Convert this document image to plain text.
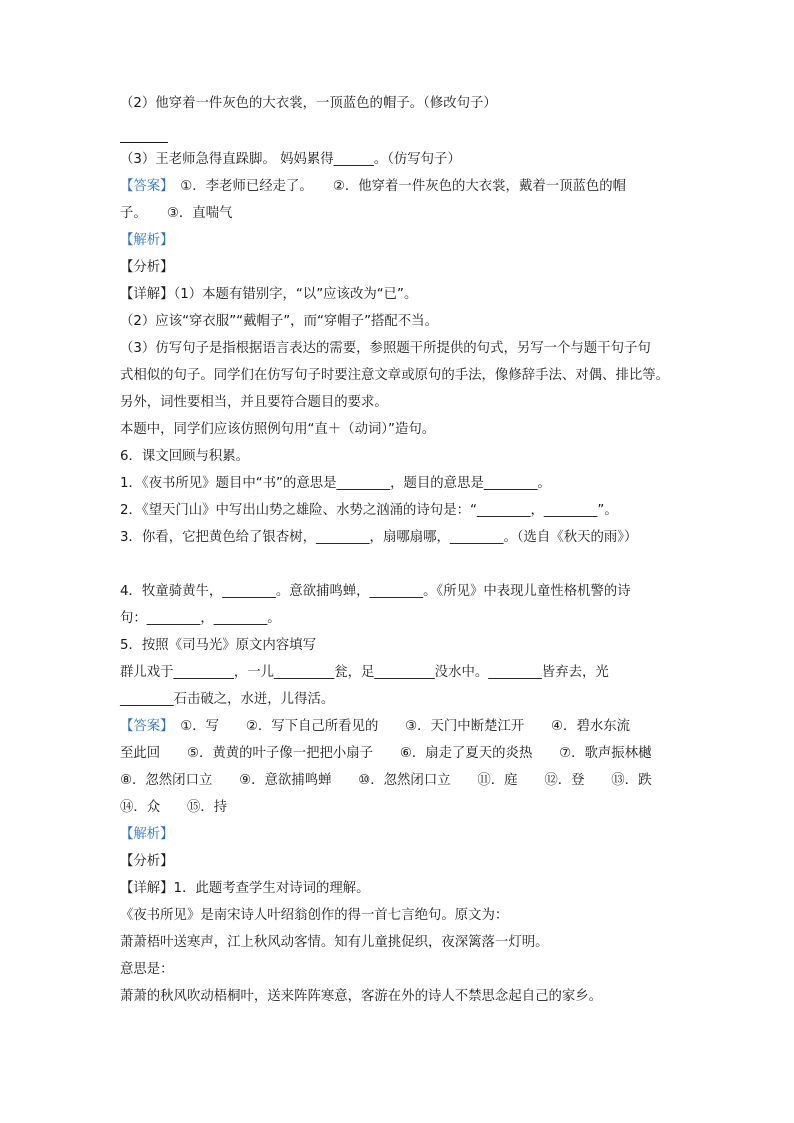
（2）他穿着一件灰色的大衣裳，一顶蓝色的帽子。（修改句子）
（3）王老师急得直跺脚。 妈妈累得______。（仿写句子）
【答案】　①．李老师已经走了。　　②．他穿着一件灰色的大衣裳，戴着一顶蓝色的帽
子。　　③．直喘气
【解析】
【分析】
【详解】（1）本题有错别字，“以”应该改为“已”。
（2）应该“穿衣服”“戴帽子”，而“穿帽子”搭配不当。
（3）仿写句子是指根据语言表达的需要，参照题干所提供的句式，另写一个与题干句子句
式相似的句子。同学们在仿写句子时要注意文章或原句的手法，像修辞手法、对偶、排比等。
另外，词性要相当，并且要符合题目的要求。
本题中，同学们应该仿照例句用“直＋（动词）”造句。
6．课文回顾与积累。
1．《夜书所见》题目中“书”的意思是________，题目的意思是________。
2．《望天门山》中写出山势之雄险、水势之汹涌的诗句是：“________，________”。
3．你看，它把黄色给了银杏树，________，扇哪扇哪，________。（选自《秋天的雨》）
4．牧童骑黄牛，________。意欲捕鸣蝉，________。《所见》中表现儿童性格机警的诗
句：________，________。
5．按照《司马光》原文内容填写
群儿戏于_________，一儿_________瓮，足_________没水中。________皆弃去，光
________石击破之，水迸，儿得活。
【答案】　①．写　　②．写下自己所看见的　　③．天门中断楚江开　　④．碧水东流
至此回　　⑤．黄黄的叶子像一把把小扇子　　⑥．扇走了夏天的炎热　　⑦．歌声振林樾
⑧．忽然闭口立　　⑨．意欲捕鸣蝉　　⑩．忽然闭口立　　⑪．庭　　⑫．登　　⑬．跌
⑭．众　　⑮．持
【解析】
【分析】
【详解】1．此题考查学生对诗词的理解。
《夜书所见》是南宋诗人叶绍翁创作的得一首七言绝句。原文为：
萧萧梧叶送寒声，江上秋风动客情。知有儿童挑促织，夜深篱落一灯明。
意思是：
萧萧的秋风吹动梧桐叶，送来阵阵寒意，客游在外的诗人不禁思念起自己的家乡。
